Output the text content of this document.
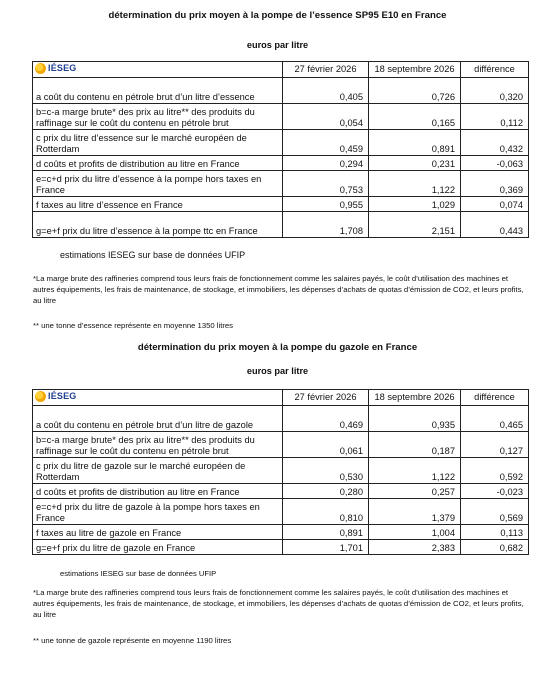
détermination du prix moyen à la pompe de l’essence SP95 E10 en France
euros par litre
IÉSEG	27 février 2026	18 septembre 2026	différence
a coût du contenu en pétrole brut d’un litre d’essence	0,405	0,726	0,320
b=c-a marge brute* des prix au litre** des produits du raffinage sur le coût du contenu en pétrole brut	0,054	0,165	0,112
c prix du litre d’essence sur le marché européen de Rotterdam	0,459	0,891	0,432
d coûts et profits de distribution au litre en France	0,294	0,231	-0,063
e=c+d prix du litre d’essence à la pompe hors taxes en France	0,753	1,122	0,369
f taxes au litre d’essence en France	0,955	1,029	0,074
g=e+f prix du litre d’essence à la pompe ttc en France	1,708	2,151	0,443
estimations IESEG sur base de données UFIP
*La marge brute des raffineries comprend tous leurs frais de fonctionnement comme les salaires payés, le coût d’utilisation des machines et autres équipements, les frais de maintenance, de stockage, et immobiliers, les dépenses d’achats de quotas d’émission de CO2, et leurs profits, au litre
** une tonne d’essence représente en moyenne 1350 litres
détermination du prix moyen à la pompe du gazole en France
euros par litre
IÉSEG	27 février 2026	18 septembre 2026	différence
a coût du contenu en pétrole brut d’un litre de gazole	0,469	0,935	0,465
b=c-a marge brute* des prix au litre** des produits du raffinage sur le coût du contenu en pétrole brut	0,061	0,187	0,127
c prix du litre de gazole sur le marché européen de Rotterdam	0,530	1,122	0,592
d coûts et profits de distribution au litre en France	0,280	0,257	-0,023
e=c+d prix du litre de gazole à la pompe hors taxes en France	0,810	1,379	0,569
f taxes au litre de gazole en France	0,891	1,004	0,113
g=e+f prix du litre de gazole en France	1,701	2,383	0,682
estimations IESEG sur base de données UFIP
*La marge brute des raffineries comprend tous leurs frais de fonctionnement comme les salaires payés, le coût d’utilisation des machines et autres équipements, les frais de maintenance, de stockage, et immobiliers, les dépenses d’achats de quotas d’émission de CO2, et leurs profits, au litre
** une tonne de gazole représente en moyenne 1190 litres
